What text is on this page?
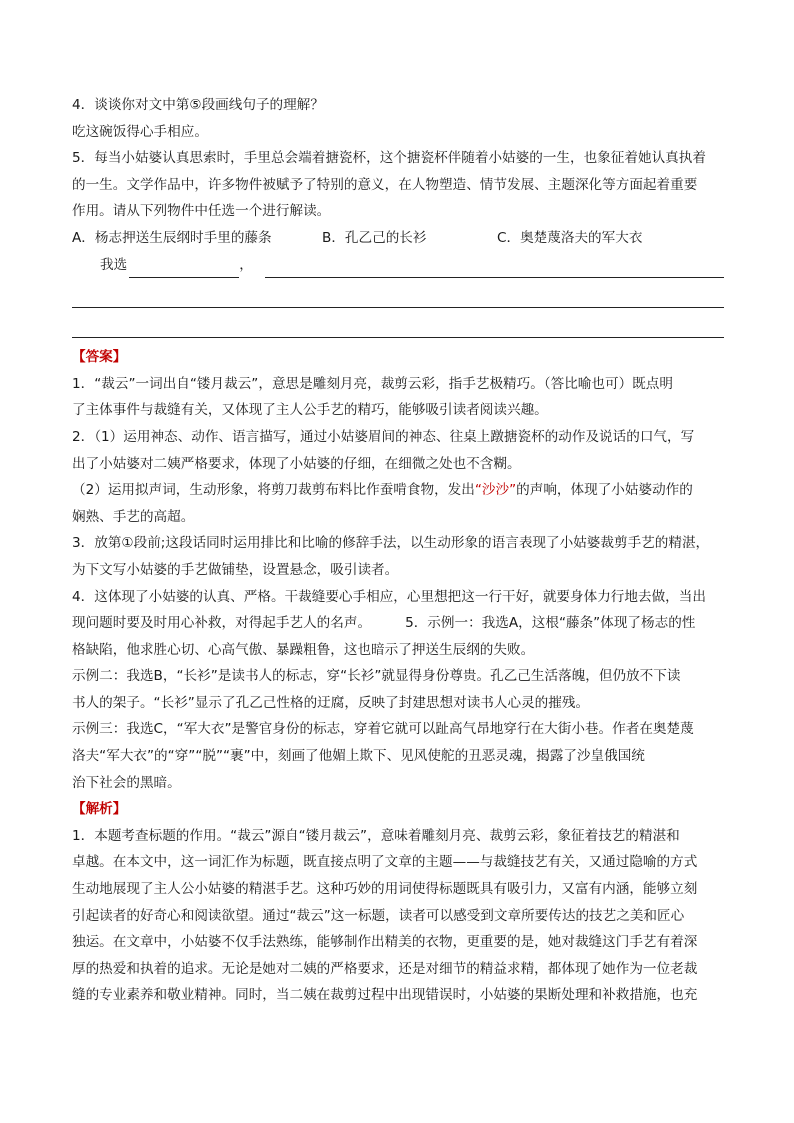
4．谈谈你对文中第⑤段画线句子的理解？

吃这碗饭得心手相应。

5．每当小姑婆认真思索时，手里总会端着搪瓷杯，这个搪瓷杯伴随着小姑婆的一生，也象征着她认真执着

的一生。文学作品中，许多物件被赋予了特别的意义，在人物塑造、情节发展、主题深化等方面起着重要

作用。请从下列物件中任选一个进行解读。

A．杨志押送生辰纲时手里的藤条	B．孔乙己的长衫	C．奥楚蔑洛夫的军大衣
我选	，
【答案】

1．“裁云”一词出自“镂月裁云”，意思是雕刻月亮，裁剪云彩，指手艺极精巧。（答比喻也可）既点明

了主体事件与裁缝有关，又体现了主人公手艺的精巧，能够吸引读者阅读兴趣。

2．（1）运用神态、动作、语言描写，通过小姑婆眉间的神态、往桌上蹾搪瓷杯的动作及说话的口气，写

出了小姑婆对二姨严格要求，体现了小姑婆的仔细，在细微之处也不含糊。

（2）运用拟声词，生动形象，将剪刀裁剪布料比作蚕啃食物，发出“沙沙”的声响，体现了小姑婆动作的

娴熟、手艺的高超。

3．放第①段前;这段话同时运用排比和比喻的修辞手法，以生动形象的语言表现了小姑婆裁剪手艺的精湛，

为下文写小姑婆的手艺做铺垫，设置悬念，吸引读者。

4．这体现了小姑婆的认真、严格。干裁缝要心手相应，心里想把这一行干好，就要身体力行地去做，当出

现问题时要及时用心补救，对得起手艺人的名声。	5．示例一：我选A，这根“藤条”体现了杨志的性

格缺陷，他求胜心切、心高气傲、暴躁粗鲁，这也暗示了押送生辰纲的失败。

示例二：我选B，“长衫”是读书人的标志，穿“长衫”就显得身份尊贵。孔乙己生活落魄，但仍放不下读

书人的架子。“长衫”显示了孔乙己性格的迂腐，反映了封建思想对读书人心灵的摧残。

示例三：我选C，“军大衣”是警官身份的标志，穿着它就可以趾高气昂地穿行在大街小巷。作者在奥楚蔑

洛夫“军大衣”的“穿”“脱”“裹”中，刻画了他媚上欺下、见风使舵的丑恶灵魂，揭露了沙皇俄国统

治下社会的黑暗。

【解析】

1．本题考查标题的作用。“裁云”源自“镂月裁云”，意味着雕刻月亮、裁剪云彩，象征着技艺的精湛和

卓越。在本文中，这一词汇作为标题，既直接点明了文章的主题——与裁缝技艺有关，又通过隐喻的方式

生动地展现了主人公小姑婆的精湛手艺。这种巧妙的用词使得标题既具有吸引力，又富有内涵，能够立刻

引起读者的好奇心和阅读欲望。通过“裁云”这一标题，读者可以感受到文章所要传达的技艺之美和匠心

独运。在文章中，小姑婆不仅手法熟练，能够制作出精美的衣物，更重要的是，她对裁缝这门手艺有着深

厚的热爱和执着的追求。无论是她对二姨的严格要求，还是对细节的精益求精，都体现了她作为一位老裁

缝的专业素养和敬业精神。同时，当二姨在裁剪过程中出现错误时，小姑婆的果断处理和补救措施，也充
